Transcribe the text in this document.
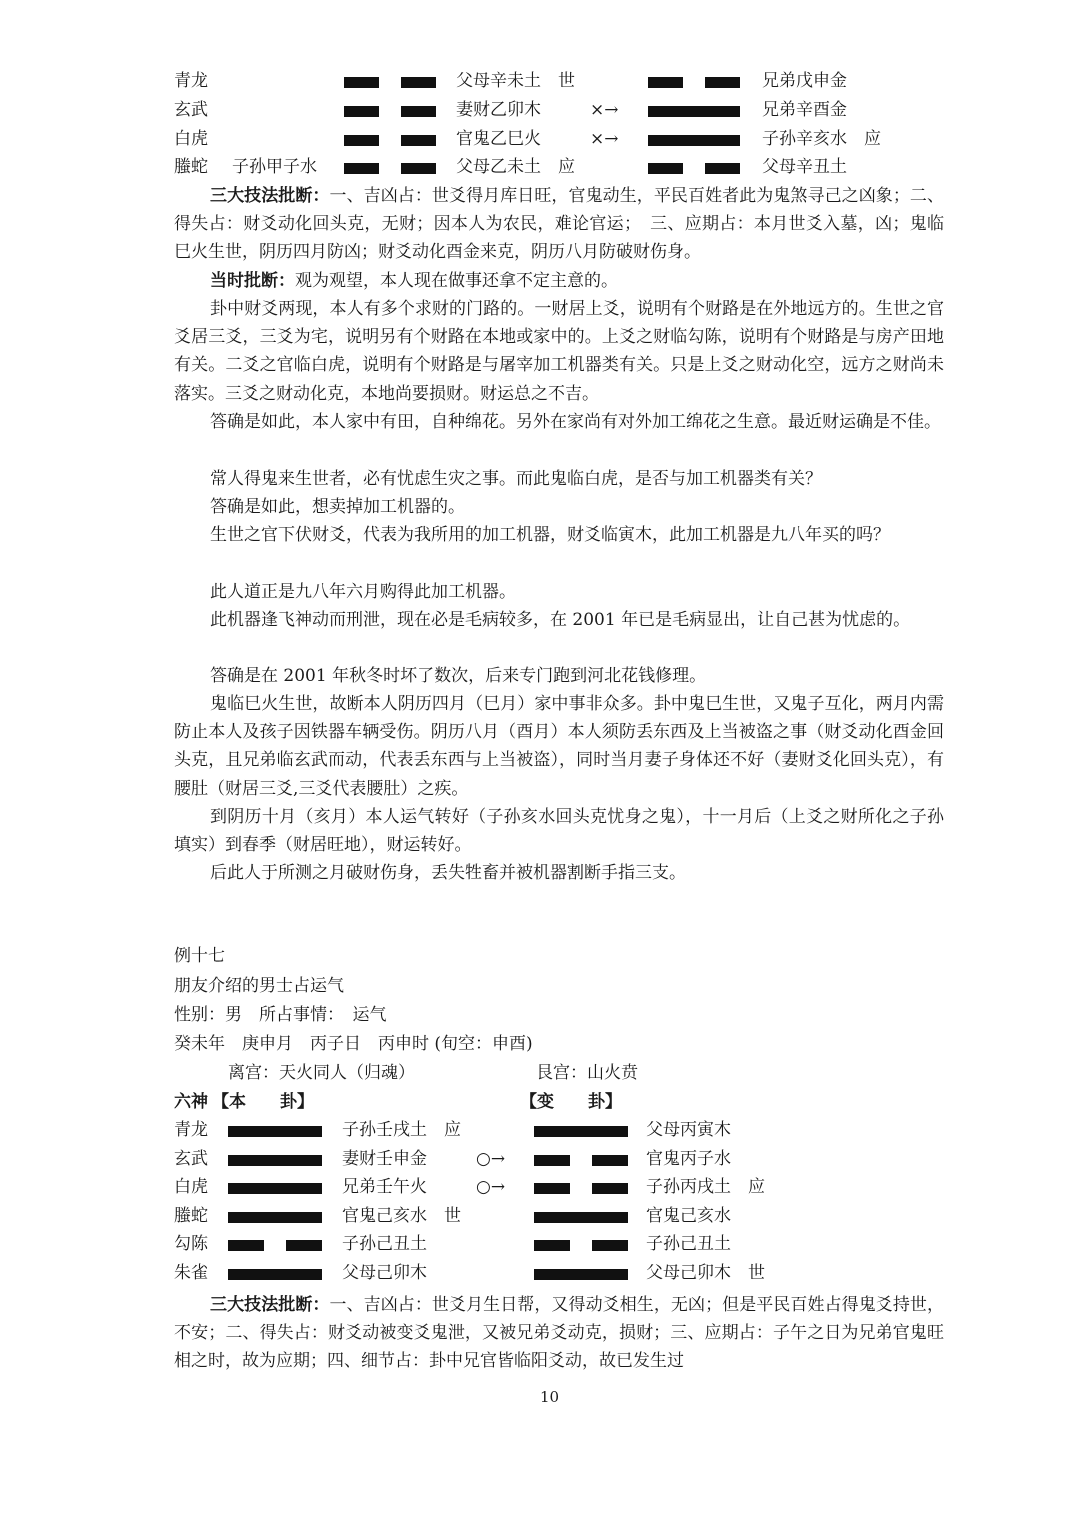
青龙	父母辛未土　世	兄弟戊申金
玄武	妻财乙卯木	×→	兄弟辛酉金
白虎	官鬼乙巳火	×→	子孙辛亥水　应
螣蛇 子孙甲子水	父母乙未土　应	父母辛丑土
三大技法批断：一、吉凶占：世爻得月库日旺，官鬼动生，平民百姓者此为鬼煞寻己之凶象；二、得失占：财爻动化回头克，无财；因本人为农民，难论官运；　三、应期占：本月世爻入墓，凶；鬼临巳火生世，阴历四月防凶；财爻动化酉金来克，阴历八月防破财伤身。
当时批断：观为观望，本人现在做事还拿不定主意的。
卦中财爻两现，本人有多个求财的门路的。一财居上爻，说明有个财路是在外地远方的。生世之官爻居三爻，三爻为宅，说明另有个财路在本地或家中的。上爻之财临勾陈，说明有个财路是与房产田地有关。二爻之官临白虎，说明有个财路是与屠宰加工机器类有关。只是上爻之财动化空，远方之财尚未落实。三爻之财动化克，本地尚要损财。财运总之不吉。
答确是如此，本人家中有田，自种绵花。另外在家尚有对外加工绵花之生意。最近财运确是不佳。
常人得鬼来生世者，必有忧虑生灾之事。而此鬼临白虎，是否与加工机器类有关？
答确是如此，想卖掉加工机器的。
生世之官下伏财爻，代表为我所用的加工机器，财爻临寅木，此加工机器是九八年买的吗？
此人道正是九八年六月购得此加工机器。
此机器逢飞神动而刑泄，现在必是毛病较多，在 2001 年已是毛病显出，让自己甚为忧虑的。
答确是在 2001 年秋冬时坏了数次，后来专门跑到河北花钱修理。
鬼临巳火生世，故断本人阴历四月（巳月）家中事非众多。卦中鬼巳生世，又鬼子互化，两月内需防止本人及孩子因铁器车辆受伤。阴历八月（酉月）本人须防丢东西及上当被盗之事（财爻动化酉金回头克，且兄弟临玄武而动，代表丢东西与上当被盗），同时当月妻子身体还不好（妻财爻化回头克），有腰肚（财居三爻,三爻代表腰肚）之疾。
到阴历十月（亥月）本人运气转好（子孙亥水回头克忧身之鬼），十一月后（上爻之财所化之子孙填实）到春季（财居旺地），财运转好。
后此人于所测之月破财伤身，丢失牲畜并被机器割断手指三支。
例十七
朋友介绍的男士占运气
性别：男　所占事情：　运气
癸未年　庚申月　丙子日　丙申时 (旬空：申酉)
离宫：天火同人（归魂）	艮宫：山火贲
六神 【本　　卦】	【变　　卦】
青龙	子孙壬戌土　应	父母丙寅木
玄武	妻财壬申金	○→	官鬼丙子水
白虎	兄弟壬午火	○→	子孙丙戌土　应
螣蛇	官鬼己亥水　世	官鬼己亥水
勾陈	子孙己丑土	子孙己丑土
朱雀	父母己卯木	父母己卯木　世
三大技法批断：一、吉凶占：世爻月生日帮，又得动爻相生，无凶；但是平民百姓占得鬼爻持世，不安；二、得失占：财爻动被变爻鬼泄，又被兄弟爻动克，损财；三、应期占：子午之日为兄弟官鬼旺相之时，故为应期；四、细节占：卦中兄官皆临阳爻动，故已发生过
10
